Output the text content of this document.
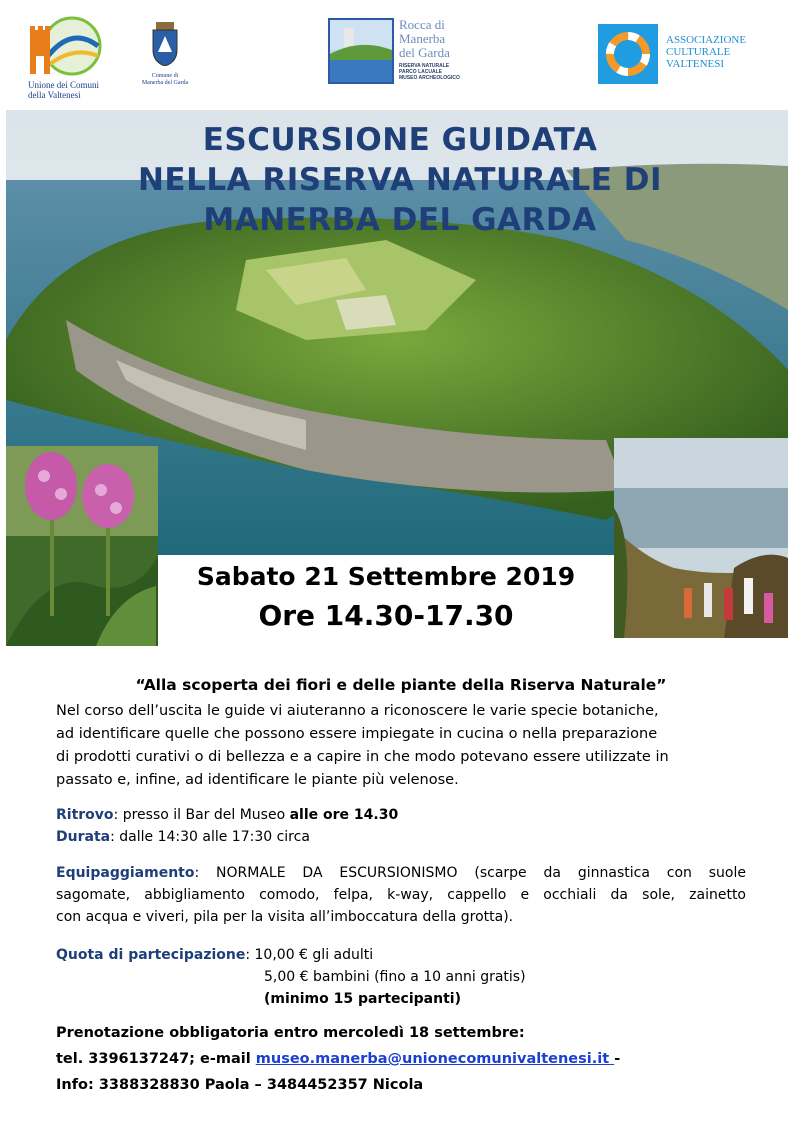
Unione dei Comuni
della Valtenesi
Comune di
Manerba del Garda
Rocca di
Manerba
del Garda
RISERVA NATURALE
PARCO LACUALE
MUSEO ARCHEOLOGICO
ASSOCIAZIONE
CULTURALE
VALTENESI
ESCURSIONE GUIDATA
NELLA RISERVA NATURALE DI
MANERBA DEL GARDA
Sabato 21 Settembre 2019
Ore 14.30-17.30
“Alla scoperta dei fiori e delle piante della Riserva Naturale”
Nel corso dell’uscita le guide vi aiuteranno a riconoscere le varie specie botaniche,
ad identificare quelle che possono essere impiegate in cucina o nella preparazione
di prodotti curativi o di bellezza e a capire in che modo potevano essere utilizzate in
passato e, infine, ad identificare le piante più velenose.
Ritrovo: presso il Bar del Museo alle ore 14.30
Durata: dalle 14:30 alle 17:30 circa
Equipaggiamento: NORMALE DA ESCURSIONISMO (scarpe da ginnastica con suole
sagomate, abbigliamento comodo, felpa, k-way, cappello e occhiali da sole, zainetto
con acqua e viveri, pila per la visita all’imboccatura della grotta).
Quota di partecipazione: 10,00 € gli adulti
5,00 € bambini (fino a 10 anni gratis)
(minimo 15 partecipanti)
Prenotazione obbligatoria entro mercoledì 18 settembre:
tel. 3396137247; e-mail museo.manerba@unionecomunivaltenesi.it -
Info: 3388328830 Paola – 3484452357 Nicola
